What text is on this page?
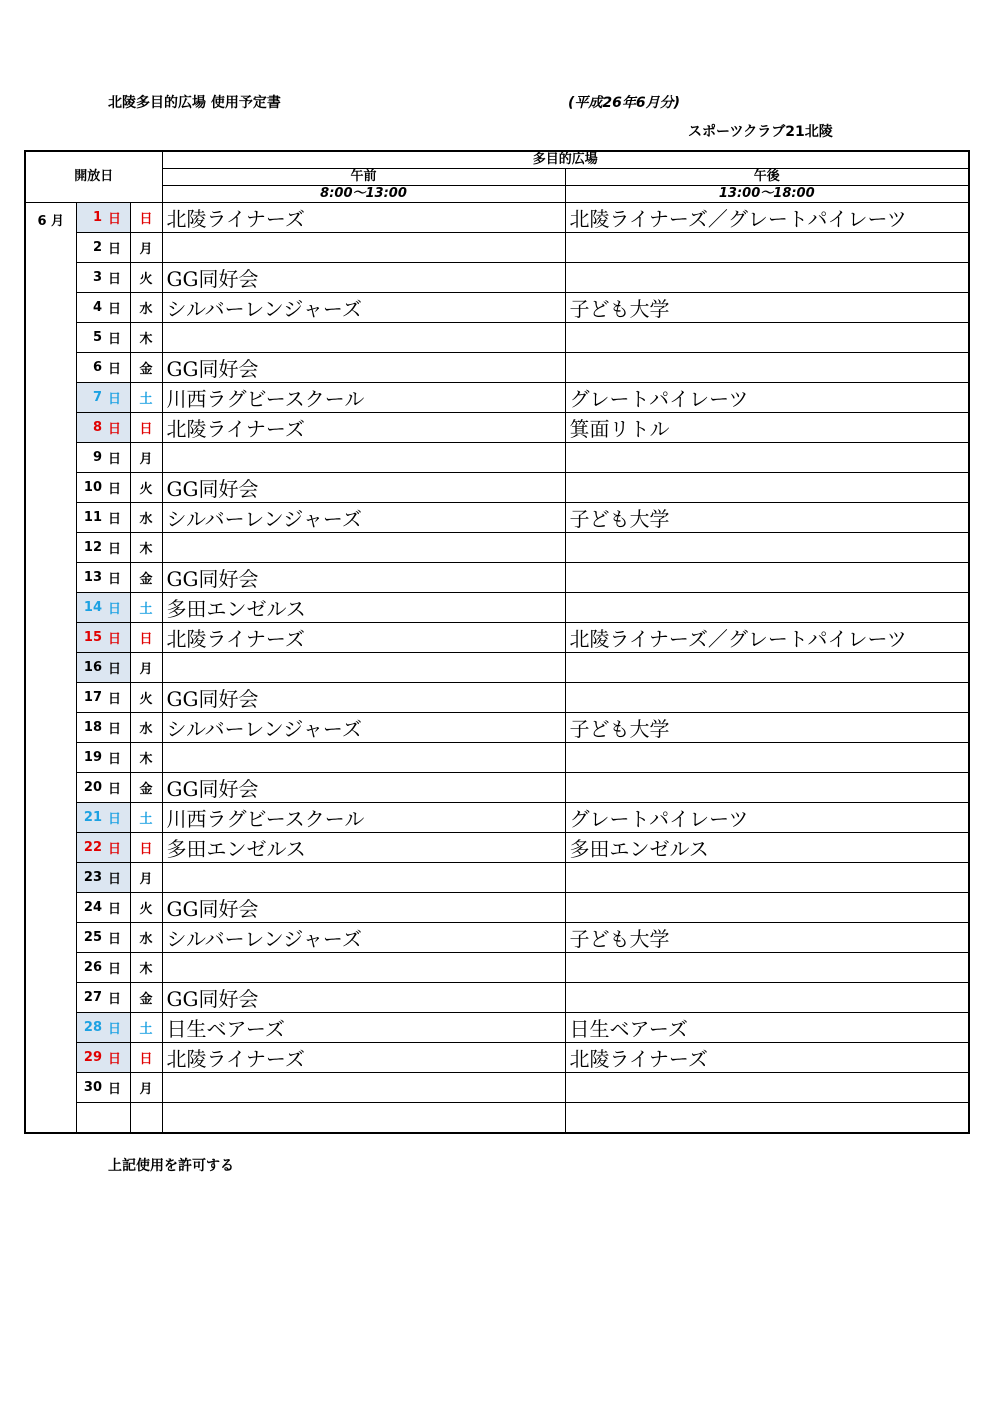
北陵多目的広場 使用予定書	(平成26年6月分)
スポーツクラブ21北陵
開放日				多目的広場	
				午前	午後
				8:00～13:00	13:00～18:00
6 月	1	日	日	北陵ライナーズ	北陵ライナーズ／グレートパイレーツ
	2	日	月		
	3	日	火	GG同好会	
	4	日	水	シルバーレンジャーズ	子ども大学
	5	日	木		
	6	日	金	GG同好会	
	7	日	土	川西ラグビースクール	グレートパイレーツ
	8	日	日	北陵ライナーズ	箕面リトル
	9	日	月		
	10	日	火	GG同好会	
	11	日	水	シルバーレンジャーズ	子ども大学
	12	日	木		
	13	日	金	GG同好会	
	14	日	土	多田エンゼルス	
	15	日	日	北陵ライナーズ	北陵ライナーズ／グレートパイレーツ
	16	日	月		
	17	日	火	GG同好会	
	18	日	水	シルバーレンジャーズ	子ども大学
	19	日	木		
	20	日	金	GG同好会	
	21	日	土	川西ラグビースクール	グレートパイレーツ
	22	日	日	多田エンゼルス	多田エンゼルス
	23	日	月		
	24	日	火	GG同好会	
	25	日	水	シルバーレンジャーズ	子ども大学
	26	日	木		
	27	日	金	GG同好会	
	28	日	土	日生ベアーズ	日生ベアーズ
	29	日	日	北陵ライナーズ	北陵ライナーズ
	30	日	月		

上記使用を許可する
